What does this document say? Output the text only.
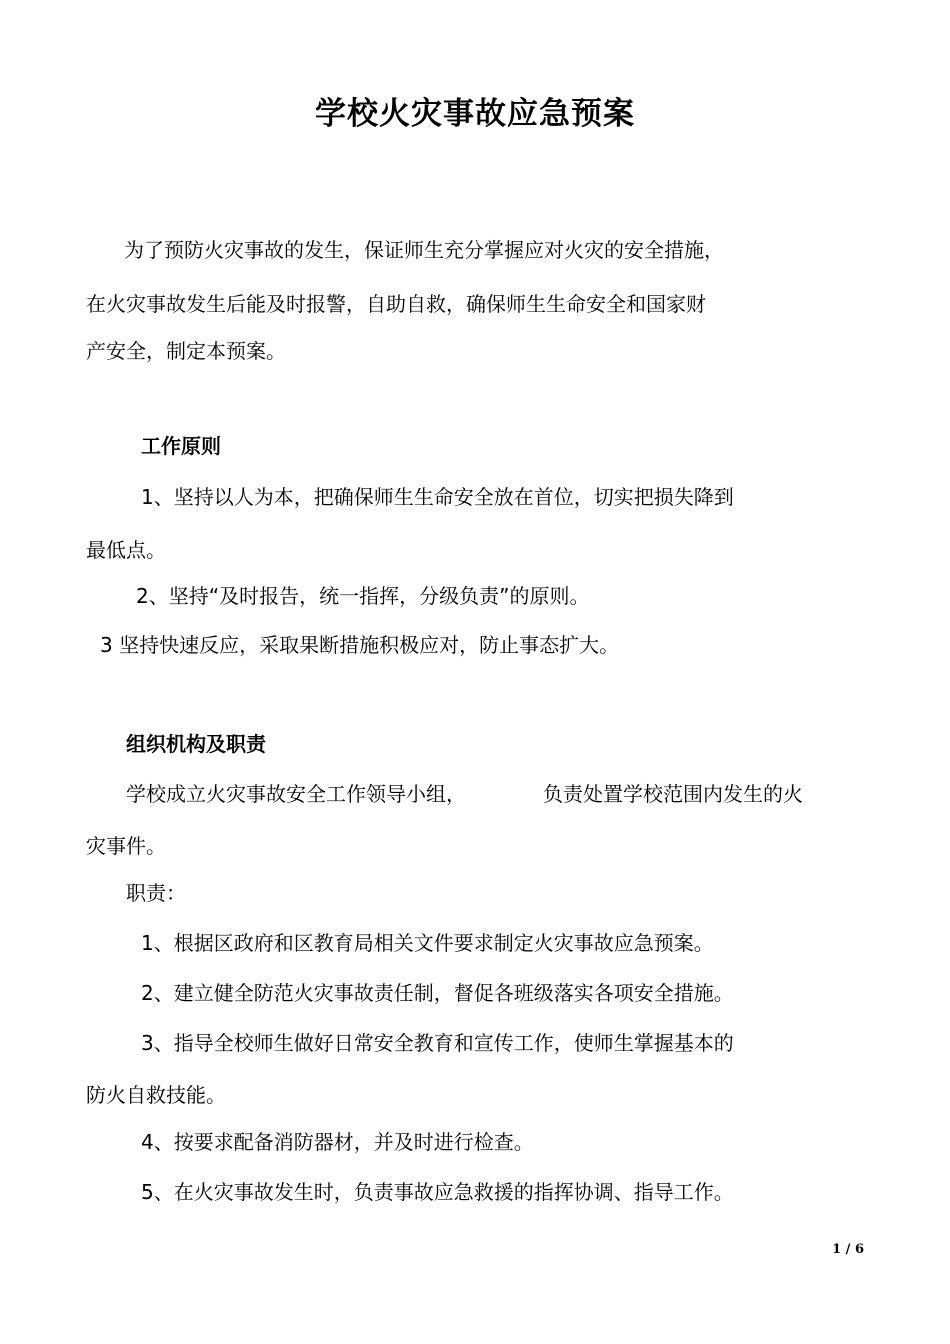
学校火灾事故应急预案
为了预防火灾事故的发生，保证师生充分掌握应对火灾的安全措施，
在火灾事故发生后能及时报警，自助自救，确保师生生命安全和国家财
产安全，制定本预案。
工作原则
1、坚持以人为本，把确保师生生命安全放在首位，切实把损失降到
最低点。
2、坚持“及时报告，统一指挥，分级负责”的原则。
3 坚持快速反应，采取果断措施积极应对，防止事态扩大。
组织机构及职责
学校成立火灾事故安全工作领导小组，	负责处置学校范围内发生的火
灾事件。
职责：
1、根据区政府和区教育局相关文件要求制定火灾事故应急预案。
2、建立健全防范火灾事故责任制，督促各班级落实各项安全措施。
3、指导全校师生做好日常安全教育和宣传工作，使师生掌握基本的
防火自救技能。
4、按要求配备消防器材，并及时进行检查。
5、在火灾事故发生时，负责事故应急救援的指挥协调、指导工作。
1 / 6
